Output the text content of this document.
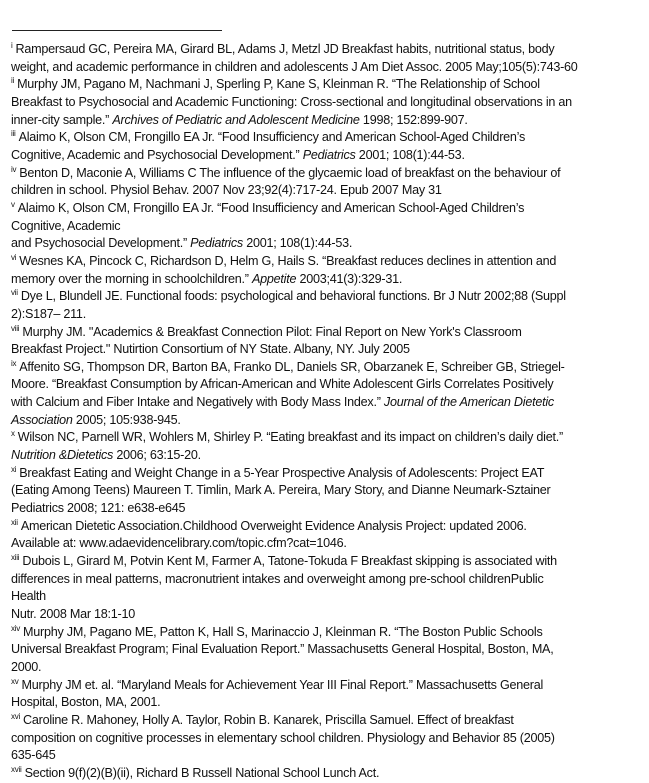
$^i$ Rampersaud GC, Pereira MA, Girard BL, Adams J, Metzl JD Breakfast habits, nutritional status, body
weight, and academic performance in children and adolescents J Am Diet Assoc. 2005 May;105(5):743-60
$^{ii}$ Murphy JM, Pagano M, Nachmani J, Sperling P, Kane S, Kleinman R. “The Relationship of School
Breakfast to Psychosocial and Academic Functioning: Cross-sectional and longitudinal observations in an
inner-city sample.” Archives of Pediatric and Adolescent Medicine 1998; 152:899-907.
$^{iii}$ Alaimo K, Olson CM, Frongillo EA Jr. “Food Insufficiency and American School-Aged Children’s
Cognitive, Academic and Psychosocial Development.” Pediatrics 2001; 108(1):44-53.
$^{iv}$ Benton D, Maconie A, Williams C The influence of the glycaemic load of breakfast on the behaviour of
children in school. Physiol Behav. 2007 Nov 23;92(4):717-24. Epub 2007 May 31
$^v$ Alaimo K, Olson CM, Frongillo EA Jr. “Food Insufficiency and American School-Aged Children’s
Cognitive, Academic
and Psychosocial Development.” Pediatrics 2001; 108(1):44-53.
$^{vi}$ Wesnes KA, Pincock C, Richardson D, Helm G, Hails S. “Breakfast reduces declines in attention and
memory over the morning in schoolchildren.” Appetite 2003;41(3):329-31.
$^{vii}$ Dye L, Blundell JE. Functional foods: psychological and behavioral functions. Br J Nutr 2002;88 (Suppl
2):S187– 211.
$^{viii}$ Murphy JM. "Academics & Breakfast Connection Pilot: Final Report on New York's Classroom
Breakfast Project." Nutirtion Consortium of NY State. Albany, NY. July 2005
$^{ix}$ Affenito SG, Thompson DR, Barton BA, Franko DL, Daniels SR, Obarzanek E, Schreiber GB, Striegel-
Moore. “Breakfast Consumption by African-American and White Adolescent Girls Correlates Positively
with Calcium and Fiber Intake and Negatively with Body Mass Index.” Journal of the American Dietetic
Association 2005; 105:938-945.
$^x$ Wilson NC, Parnell WR, Wohlers M, Shirley P. “Eating breakfast and its impact on children’s daily diet.”
Nutrition &Dietetics 2006; 63:15-20.
$^{xi}$ Breakfast Eating and Weight Change in a 5-Year Prospective Analysis of Adolescents: Project EAT
(Eating Among Teens) Maureen T. Timlin, Mark A. Pereira, Mary Story, and Dianne Neumark-Sztainer
Pediatrics 2008; 121: e638-e645
$^{xii}$ American Dietetic Association.Childhood Overweight Evidence Analysis Project: updated 2006.
Available at: www.adaevidencelibrary.com/topic.cfm?cat=1046.
$^{xiii}$ Dubois L, Girard M, Potvin Kent M, Farmer A, Tatone-Tokuda F Breakfast skipping is associated with
differences in meal patterns, macronutrient intakes and overweight among pre-school childrenPublic
Health
Nutr. 2008 Mar 18:1-10
$^{xiv}$ Murphy JM, Pagano ME, Patton K, Hall S, Marinaccio J, Kleinman R. “The Boston Public Schools
Universal Breakfast Program; Final Evaluation Report.” Massachusetts General Hospital, Boston, MA,
2000.
$^{xv}$ Murphy JM et. al. “Maryland Meals for Achievement Year III Final Report.” Massachusetts General
Hospital, Boston, MA, 2001.
$^{xvi}$ Caroline R. Mahoney, Holly A. Taylor, Robin B. Kanarek, Priscilla Samuel. Effect of breakfast
composition on cognitive processes in elementary school children. Physiology and Behavior 85 (2005)
635-645
$^{xvii}$ Section 9(f)(2)(B)(ii), Richard B Russell National School Lunch Act.
